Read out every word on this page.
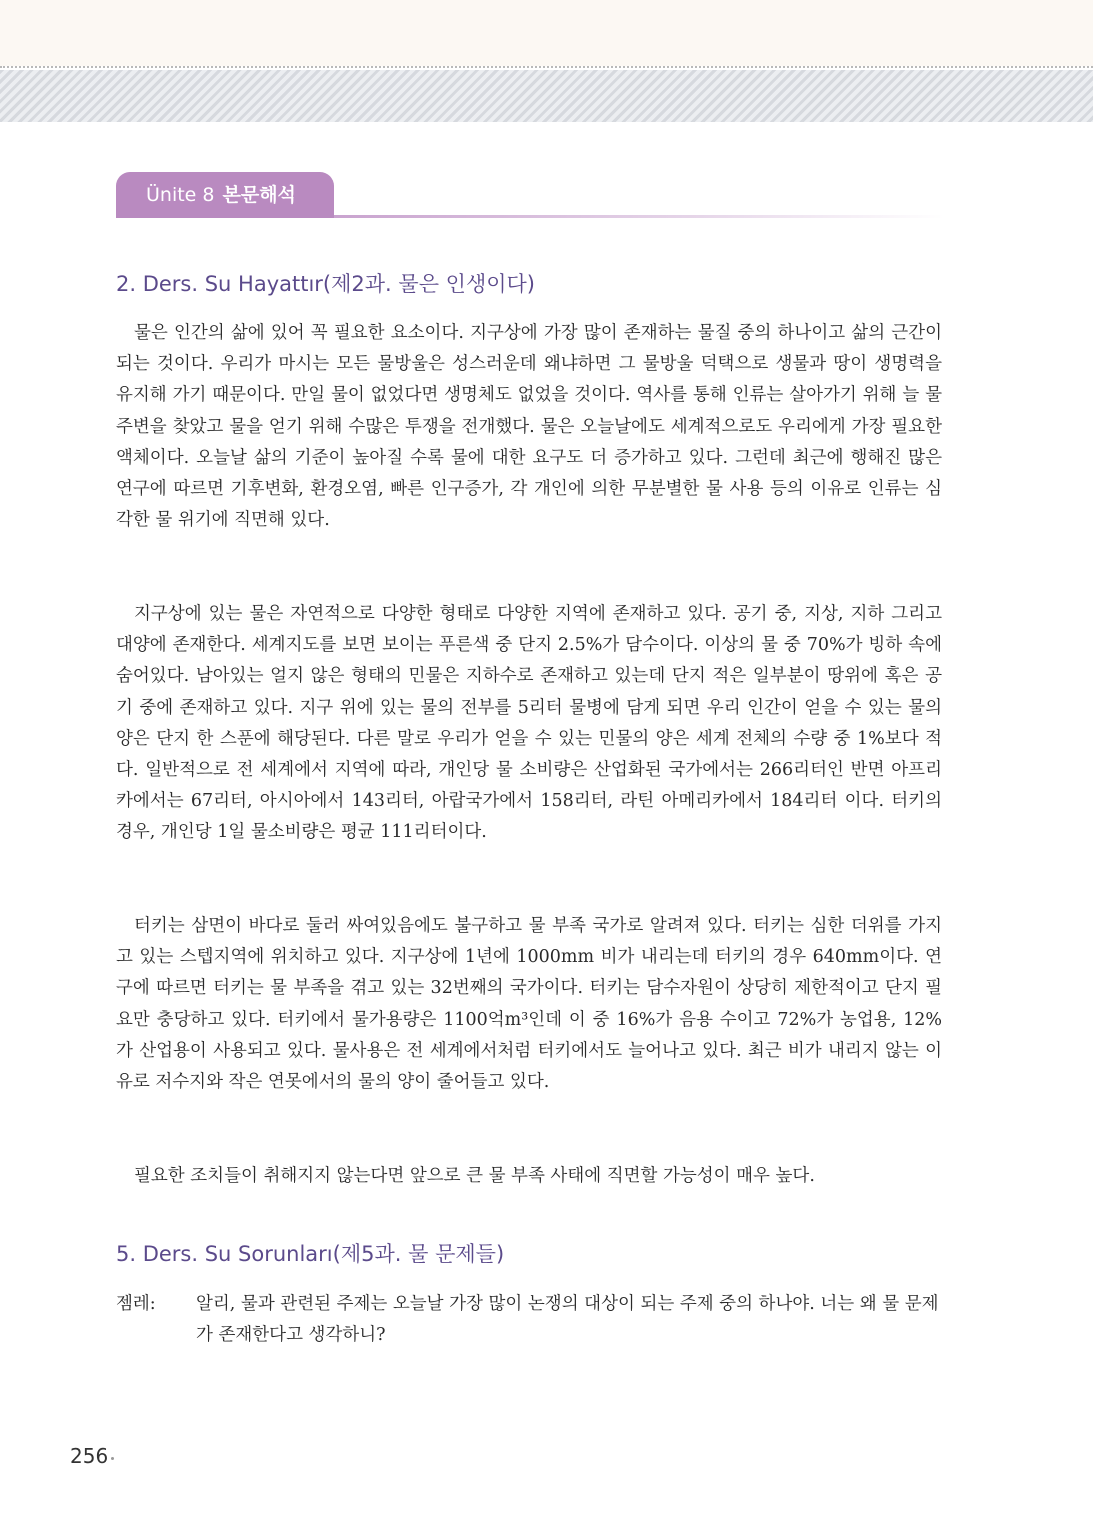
Ünite 8 본문해석
2. Ders. Su Hayattır(제2과. 물은 인생이다)

물은 인간의 삶에 있어 꼭 필요한 요소이다. 지구상에 가장 많이 존재하는 물질 중의 하나이고 삶의 근간이 되는 것이다. 우리가 마시는 모든 물방울은 성스러운데 왜냐하면 그 물방울 덕택으로 생물과 땅이 생명력을 유지해 가기 때문이다. 만일 물이 없었다면 생명체도 없었을 것이다. 역사를 통해 인류는 살아가기 위해 늘 물 주변을 찾았고 물을 얻기 위해 수많은 투쟁을 전개했다. 물은 오늘날에도 세계적으로도 우리에게 가장 필요한 액체이다. 오늘날 삶의 기준이 높아질 수록 물에 대한 요구도 더 증가하고 있다. 그런데 최근에 행해진 많은 연구에 따르면 기후변화, 환경오염, 빠른 인구증가, 각 개인에 의한 무분별한 물 사용 등의 이유로 인류는 심각한 물 위기에 직면해 있다.

지구상에 있는 물은 자연적으로 다양한 형태로 다양한 지역에 존재하고 있다. 공기 중, 지상, 지하 그리고 대양에 존재한다. 세계지도를 보면 보이는 푸른색 중 단지 2.5%가 담수이다. 이상의 물 중 70%가 빙하 속에 숨어있다. 남아있는 얼지 않은 형태의 민물은 지하수로 존재하고 있는데 단지 적은 일부분이 땅위에 혹은 공기 중에 존재하고 있다. 지구 위에 있는 물의 전부를 5리터 물병에 담게 되면 우리 인간이 얻을 수 있는 물의 양은 단지 한 스푼에 해당된다. 다른 말로 우리가 얻을 수 있는 민물의 양은 세계 전체의 수량 중 1%보다 적다. 일반적으로 전 세계에서 지역에 따라, 개인당 물 소비량은 산업화된 국가에서는 266리터인 반면 아프리카에서는 67리터, 아시아에서 143리터, 아랍국가에서 158리터, 라틴 아메리카에서 184리터 이다. 터키의 경우, 개인당 1일 물소비량은 평균 111리터이다.

터키는 삼면이 바다로 둘러 싸여있음에도 불구하고 물 부족 국가로 알려져 있다. 터키는 심한 더위를 가지고 있는 스텝지역에 위치하고 있다. 지구상에 1년에 1000mm 비가 내리는데 터키의 경우 640mm이다. 연구에 따르면 터키는 물 부족을 겪고 있는 32번째의 국가이다. 터키는 담수자원이 상당히 제한적이고 단지 필요만 충당하고 있다. 터키에서 물가용량은 1100억m³인데 이 중 16%가 음용 수이고 72%가 농업용, 12%가 산업용이 사용되고 있다. 물사용은 전 세계에서처럼 터키에서도 늘어나고 있다. 최근 비가 내리지 않는 이유로 저수지와 작은 연못에서의 물의 양이 줄어들고 있다.

필요한 조치들이 취해지지 않는다면 앞으로 큰 물 부족 사태에 직면할 가능성이 매우 높다.

5. Ders. Su Sorunları(제5과. 물 문제들)
젬레:	알리, 물과 관련된 주제는 오늘날 가장 많이 논쟁의 대상이 되는 주제 중의 하나야. 너는 왜 물 문제가 존재한다고 생각하니?

256
